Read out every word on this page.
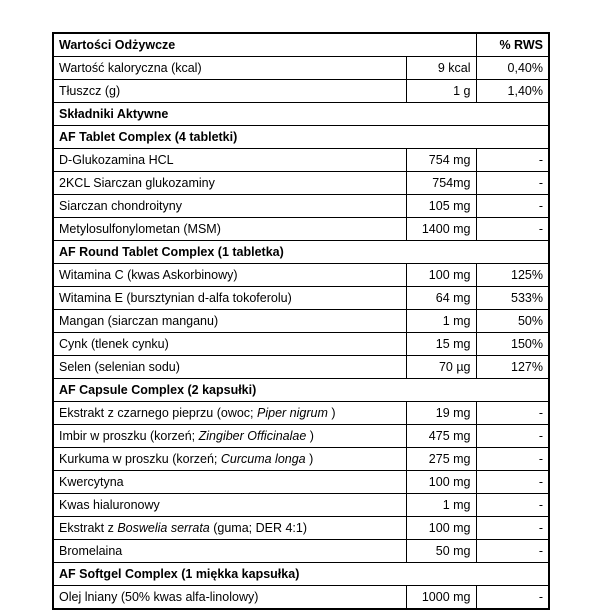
Wartości Odżywcze		% RWS
Wartość kaloryczna (kcal)	9 kcal	0,40%
Tłuszcz (g)	1 g	1,40%
Składniki Aktywne		
AF Tablet Complex (4 tabletki)		
D-Glukozamina HCL	754 mg	-
2KCL Siarczan glukozaminy	754mg	-
Siarczan chondroityny	105 mg	-
Metylosulfonylometan (MSM)	1400 mg	-
AF Round Tablet Complex (1 tabletka)		
Witamina C (kwas Askorbinowy)	100 mg	125%
Witamina E (bursztynian d-alfa tokoferolu)	64 mg	533%
Mangan (siarczan manganu)	1 mg	50%
Cynk (tlenek cynku)	15 mg	150%
Selen (selenian sodu)	70 µg	127%
AF Capsule Complex (2 kapsułki)		
Ekstrakt z czarnego pieprzu (owoc; Piper nigrum )	19 mg	-
Imbir w proszku (korzeń; Zingiber Officinalae )	475 mg	-
Kurkuma w proszku (korzeń; Curcuma longa )	275 mg	-
Kwercytyna	100 mg	-
Kwas hialuronowy	1 mg	-
Ekstrakt z Boswelia serrata (guma; DER 4:1)	100 mg	-
Bromelaina	50 mg	-
AF Softgel Complex (1 miękka kapsułka)		
Olej lniany (50% kwas alfa-linolowy)	1000 mg	-
